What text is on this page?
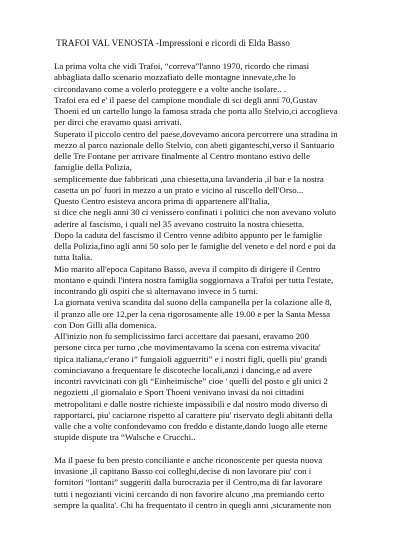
TRAFOI VAL VENOSTA -Impressioni e ricordi di Elda Basso
La prima volta che vidi Trafoi, “correva”l'anno 1970, ricordo che rimasi
abbagliata dallo scenario mozzafiato delle montagne innevate,che lo
circondavano come a volerlo proteggere e a volte anche isolare.. .
Trafoi era ed e' il paese del campione mondiale di sci degli anni 70,Gustav
Thoeni ed un cartello lungo la famosa strada che porta allo Stelvio,ci accoglieva
per dirci che eravamo quasi arrivati.
Superato il piccolo centro del paese,dovevamo ancora percorrere una stradina in
mezzo al parco nazionale dello Stelvio, con abeti giganteschi,verso il Santuario
delle Tre Fontane per arrivare finalmente al Centro montano estivo delle
famiglie della Polizia,
semplicemente due fabbricati ,una chiesetta,una lavanderia ,il bar e la nostra
casetta un po' fuori in mezzo a un prato e vicino al ruscello dell'Orso...
Questo Centro esisteva ancora prima di appartenere all'Italia,
si dice che negli anni 30 ci venissero confinati i politici che non avevano voluto
aderire al fascismo, i quali nel 35 avevano costruito la nostra chiesetta.
Dopo la caduta del fascismo il Centro venne adibito appunto per le famiglie
della Polizia,fino agli anni 50 solo per le famiglie del veneto e del nord e poi da
tutta Italia.
Mio marito all'epoca Capitano Basso, aveva il compito di dirigere il Centro
montano e quindi l'intera nostra famiglia soggiornava a Trafoi per tutta l'estate,
incontrando gli ospiti che si alternavano invece in 5 turni.
La giornata veniva scandita dal suono della campanella per la colazione alle 8,
il pranzo alle ore 12,per la cena rigorosamente alle 19.00 e per la Santa Messa
con Don Gilli alla domenica.
All'inizio non fu semplicissimo farci accettare dai paesani, eravamo 200
persone circa per turno ,che movimentavamo la scena con estrema vivacita'
tipica italiana,c'erano i” fungaioli agguerriti” e i nostri figli, quelli piu' grandi
cominciavano a frequentare le discoteche locali,anzi i dancing,e ad avere
incontri ravvicinati con gli “Einheimische” cioe ' quelli del posto e gli unici 2
negozietti ,il giornalaio e Sport Thoeni venivano invasi da noi cittadini
metropolitani e dalle nostre richieste impossibili e dal nostro modo diverso di
rapportarci, piu' caciarone rispetto al carattere piu' riservato degli abitanti della
valle che a volte confondevamo con freddo e distante,dando luogo alle eterne
stupide dispute tra “Walsche e Crucchi..
Ma il paese fu ben presto conciliante e anche riconoscente per questa nuova
invasione ,il capitano Basso coi colleghi,decise di non lavorare piu' con i
fornitori “lontani” suggeriti dalla burocrazia per il Centro,ma di far lavorare
tutti i negozianti vicini cercando di non favorire alcuno ,ma premiando certo
sempre la qualita'. Chi ha frequentato il centro in quegli anni ,sicuramente non
